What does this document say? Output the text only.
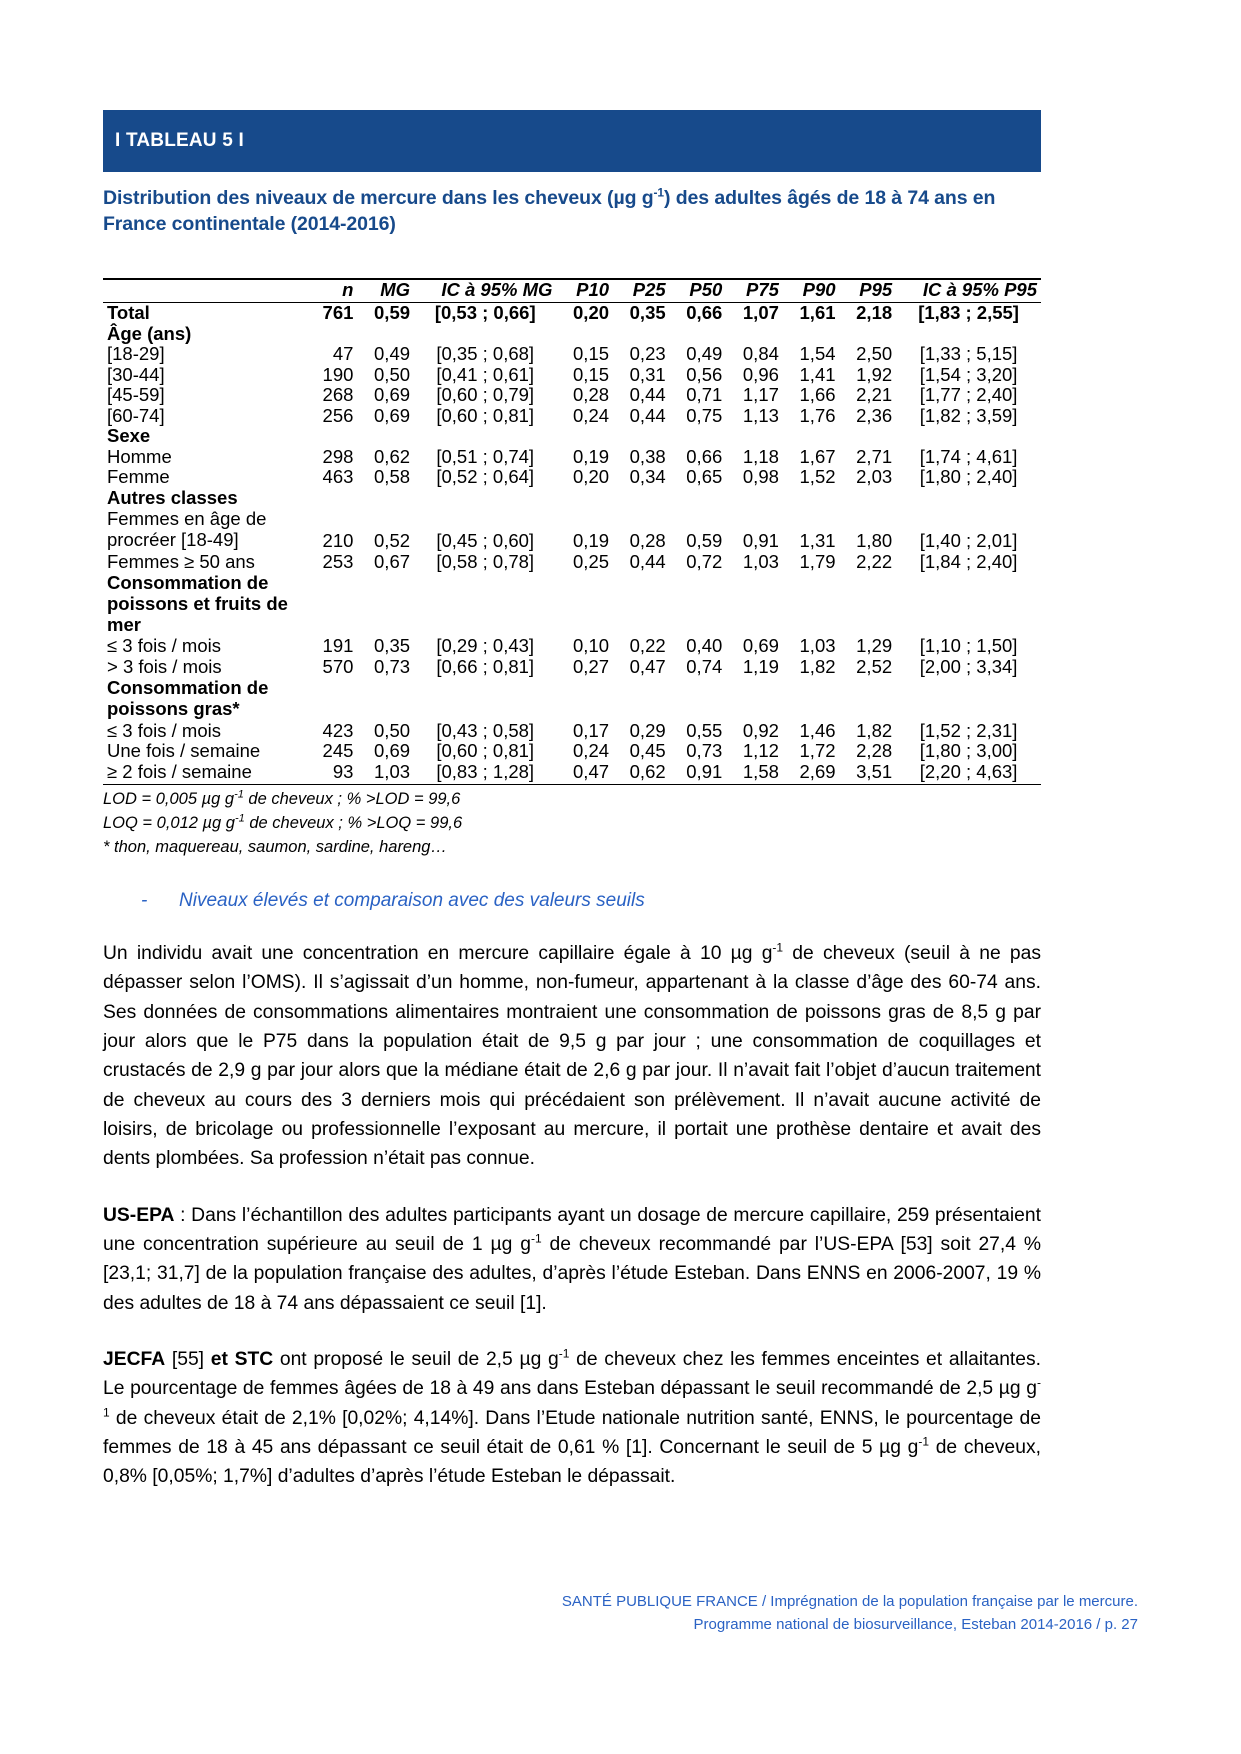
I TABLEAU 5 I
Distribution des niveaux de mercure dans les cheveux (µg $g^{-1}$) des adultes âgés de 18 à 74 ans en France continentale (2014-2016)
	n	MG	IC à 95% MG	P10	P25	P50	P75	P90	P95	IC à 95% P95
Total	761	0,59	[0,53 ; 0,66]	0,20	0,35	0,66	1,07	1,61	2,18	[1,83 ; 2,55]
Âge (ans)										
[18-29]	47	0,49	[0,35 ; 0,68]	0,15	0,23	0,49	0,84	1,54	2,50	[1,33 ; 5,15]
[30-44]	190	0,50	[0,41 ; 0,61]	0,15	0,31	0,56	0,96	1,41	1,92	[1,54 ; 3,20]
[45-59]	268	0,69	[0,60 ; 0,79]	0,28	0,44	0,71	1,17	1,66	2,21	[1,77 ; 2,40]
[60-74]	256	0,69	[0,60 ; 0,81]	0,24	0,44	0,75	1,13	1,76	2,36	[1,82 ; 3,59]
Sexe										
Homme	298	0,62	[0,51 ; 0,74]	0,19	0,38	0,66	1,18	1,67	2,71	[1,74 ; 4,61]
Femme	463	0,58	[0,52 ; 0,64]	0,20	0,34	0,65	0,98	1,52	2,03	[1,80 ; 2,40]
Autres classes										
Femmes en âge de procréer [18-49]	210	0,52	[0,45 ; 0,60]	0,19	0,28	0,59	0,91	1,31	1,80	[1,40 ; 2,01]
Femmes ≥ 50 ans	253	0,67	[0,58 ; 0,78]	0,25	0,44	0,72	1,03	1,79	2,22	[1,84 ; 2,40]
Consommation de poissons et fruits de mer										
≤ 3 fois / mois	191	0,35	[0,29 ; 0,43]	0,10	0,22	0,40	0,69	1,03	1,29	[1,10 ; 1,50]
> 3 fois / mois	570	0,73	[0,66 ; 0,81]	0,27	0,47	0,74	1,19	1,82	2,52	[2,00 ; 3,34]
Consommation de poissons gras*										
≤ 3 fois / mois	423	0,50	[0,43 ; 0,58]	0,17	0,29	0,55	0,92	1,46	1,82	[1,52 ; 2,31]
Une fois / semaine	245	0,69	[0,60 ; 0,81]	0,24	0,45	0,73	1,12	1,72	2,28	[1,80 ; 3,00]
≥ 2 fois / semaine	93	1,03	[0,83 ; 1,28]	0,47	0,62	0,91	1,58	2,69	3,51	[2,20 ; 4,63]
LOD = 0,005 µg $g^{-1}$ de cheveux ; % >LOD = 99,6
LOQ = 0,012 µg $g^{-1}$ de cheveux ; % >LOQ = 99,6
* thon, maquereau, saumon, sardine, hareng…
-	Niveaux élevés et comparaison avec des valeurs seuils

Un individu avait une concentration en mercure capillaire égale à 10 µg $g^{-1}$ de cheveux (seuil à ne pas dépasser selon l’OMS). Il s’agissait d’un homme, non-fumeur, appartenant à la classe d’âge des 60-74 ans. Ses données de consommations alimentaires montraient une consommation de poissons gras de 8,5 g par jour alors que le P75 dans la population était de 9,5 g par jour ; une consommation de coquillages et crustacés de 2,9 g par jour alors que la médiane était de 2,6 g par jour. Il n’avait fait l’objet d’aucun traitement de cheveux au cours des 3 derniers mois qui précédaient son prélèvement. Il n’avait aucune activité de loisirs, de bricolage ou professionnelle l’exposant au mercure, il portait une prothèse dentaire et avait des dents plombées. Sa profession n’était pas connue.

US-EPA : Dans l’échantillon des adultes participants ayant un dosage de mercure capillaire, 259 présentaient une concentration supérieure au seuil de 1 µg $g^{-1}$ de cheveux recommandé par l’US-EPA [53] soit 27,4 % [23,1; 31,7] de la population française des adultes, d’après l’étude Esteban. Dans ENNS en 2006-2007, 19 % des adultes de 18 à 74 ans dépassaient ce seuil [1].

JECFA [55] et STC ont proposé le seuil de 2,5 µg $g^{-1}$ de cheveux chez les femmes enceintes et allaitantes. Le pourcentage de femmes âgées de 18 à 49 ans dans Esteban dépassant le seuil recommandé de 2,5 µg $g^{-1}$ de cheveux était de 2,1% [0,02%; 4,14%]. Dans l’Etude nationale nutrition santé, ENNS, le pourcentage de femmes de 18 à 45 ans dépassant ce seuil était de 0,61 % [1]. Concernant le seuil de 5 µg $g^{-1}$ de cheveux, 0,8% [0,05%; 1,7%] d’adultes d’après l’étude Esteban le dépassait.

SANTÉ PUBLIQUE FRANCE / Imprégnation de la population française par le mercure.
Programme national de biosurveillance, Esteban 2014-2016 / p. 27
